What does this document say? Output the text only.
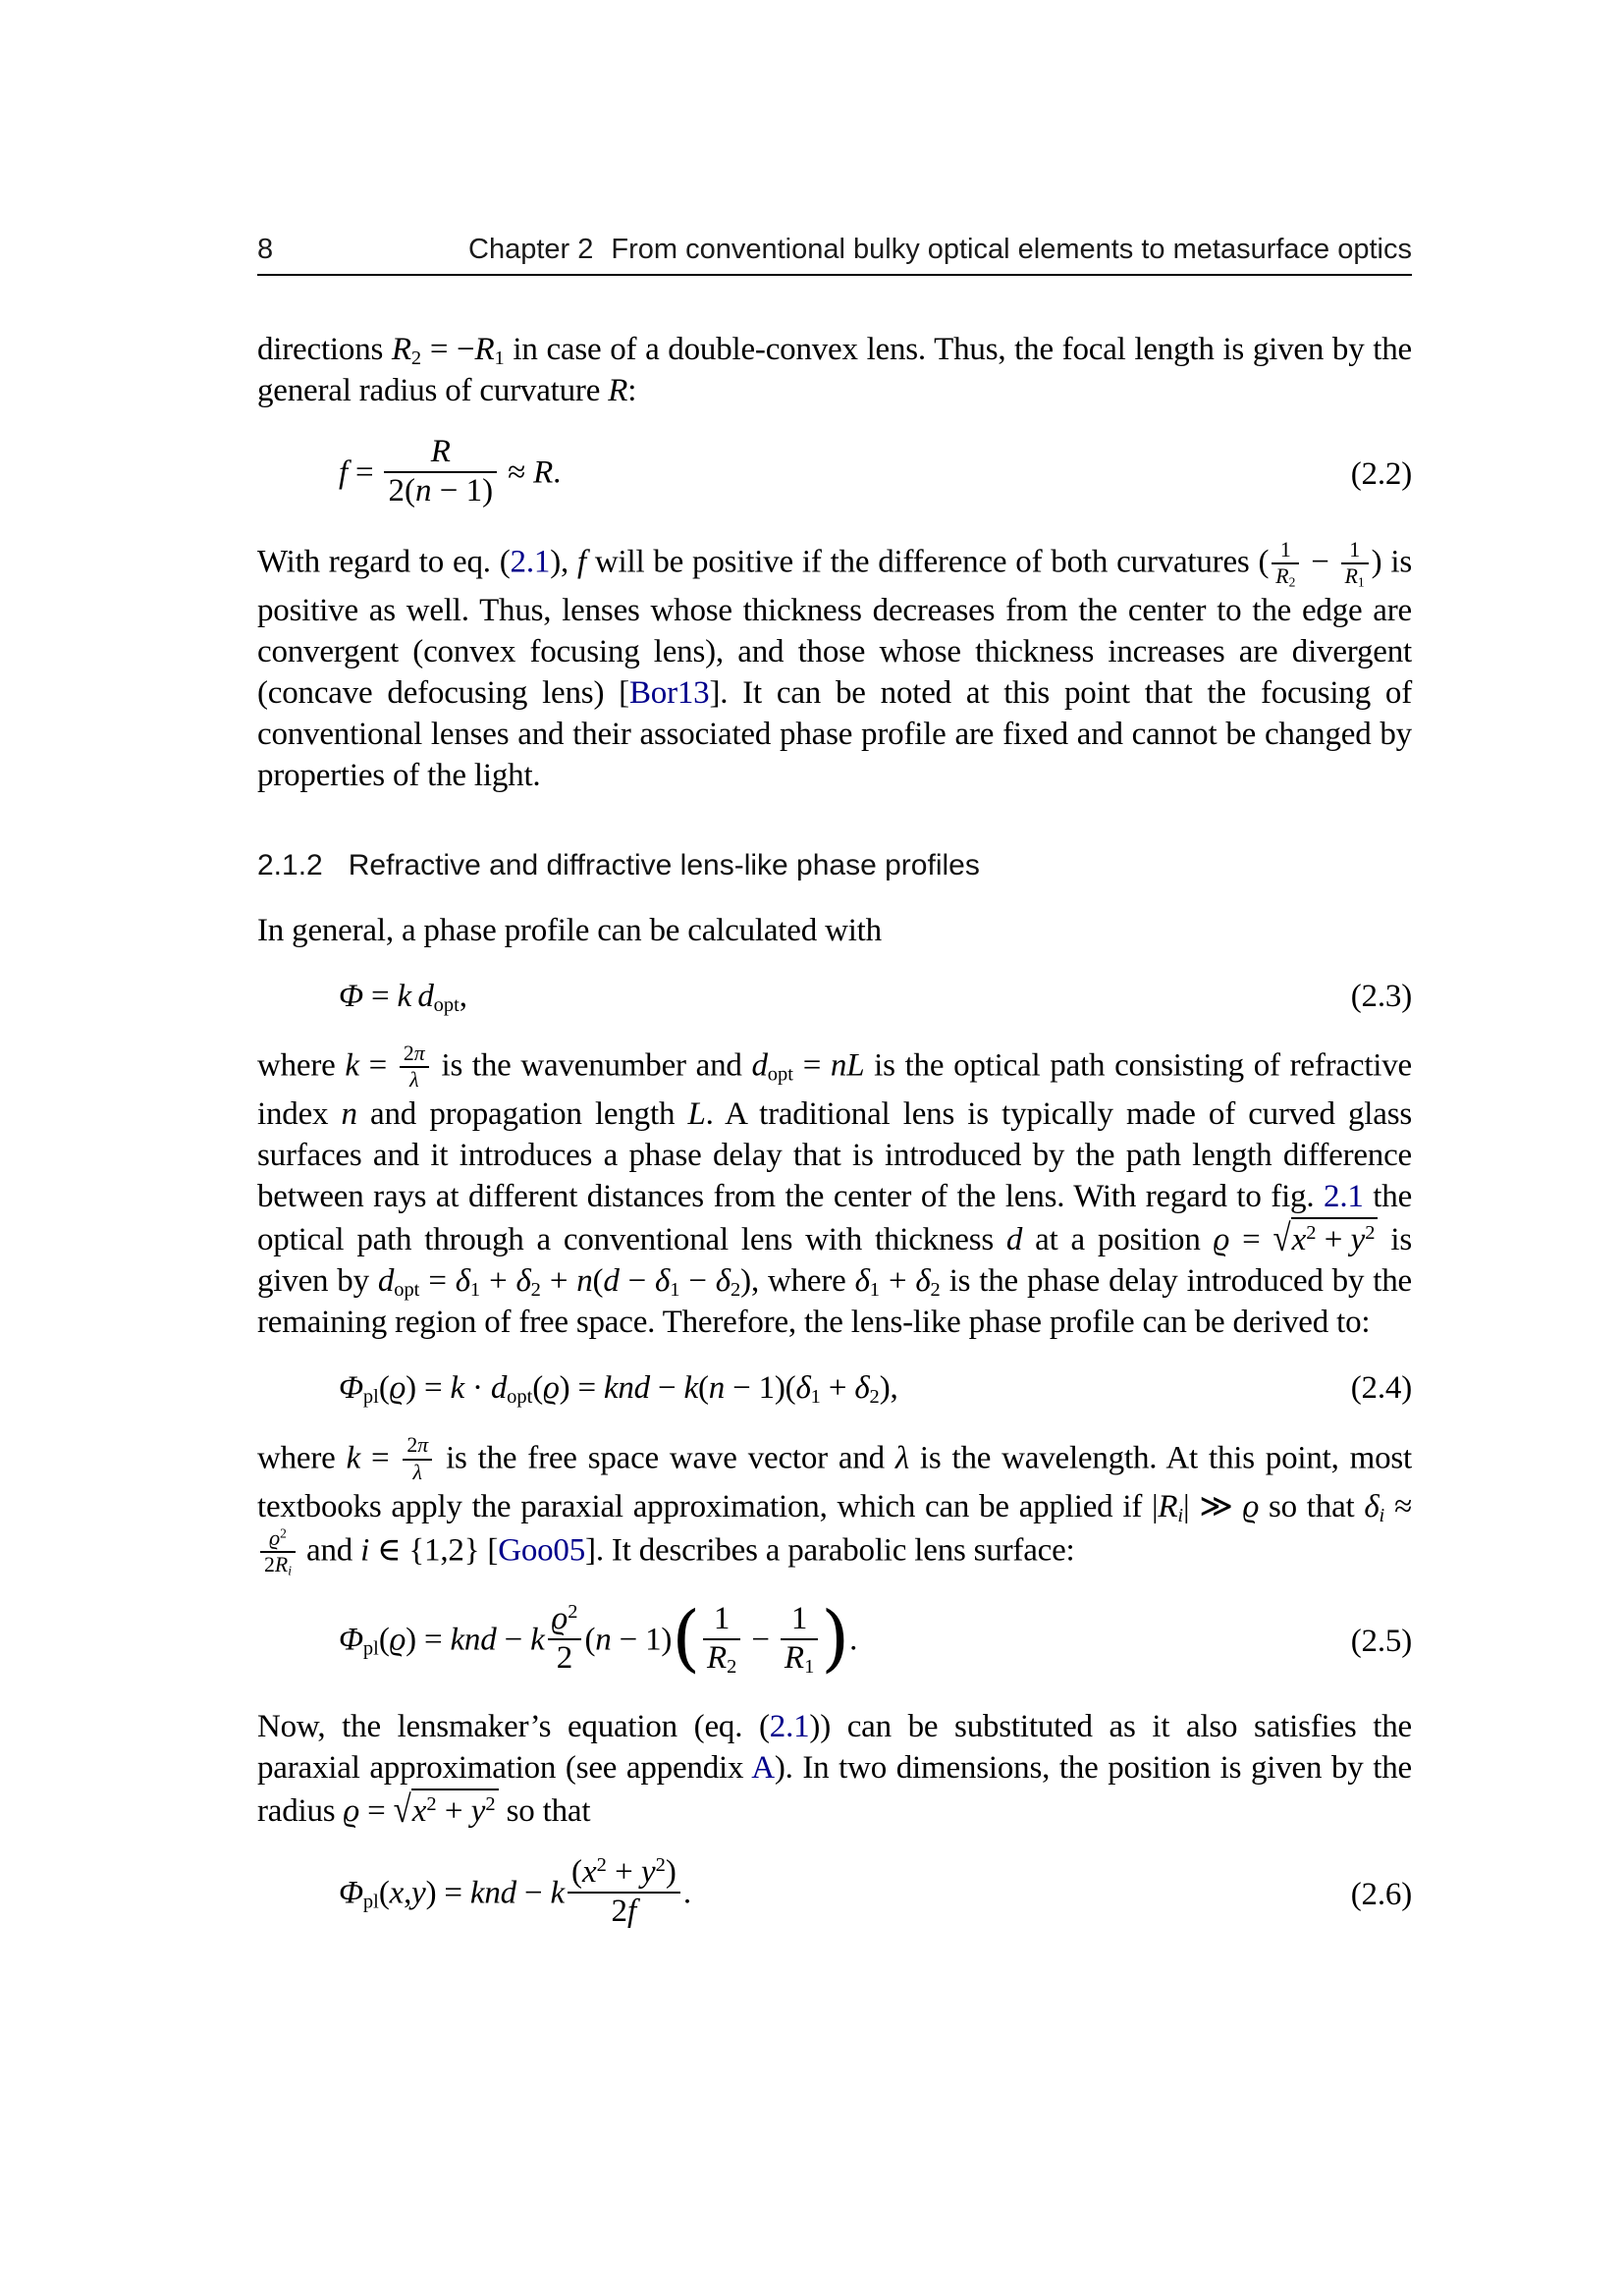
8	Chapter 2 From conventional bulky optical elements to metasurface optics
directions $R_2 = -R_1$ in case of a double-convex lens. Thus, the focal length is given by the general radius of curvature R:
$f = \frac{R}{2(n - 1)} \approx R$.	(2.2)
With regard to eq. (2.1), f will be positive if the difference of both curvatures ( $\frac{1}{R_2} - \frac{1}{R_1}$ ) is positive as well. Thus, lenses whose thickness decreases from the center to the edge are convergent (convex focusing lens), and those whose thickness increases are divergent (concave defocusing lens) [Bor13]. It can be noted at this point that the focusing of conventional lenses and their associated phase profile are fixed and cannot be changed by properties of the light.
2.1.2 Refractive and diffractive lens-like phase profiles
In general, a phase profile can be calculated with
Φ = k  $d_{opt}$,	(2.3)
where $k = \frac{2\pi}{\lambda}$ is the wavenumber and $d_{opt}$ = nL is the optical path consisting of refractive index n and propagation length L. A traditional lens is typically made of curved glass surfaces and it introduces a phase delay that is introduced by the path length difference between rays at different distances from the center of the lens. With regard to fig. 2.1 the optical path through a conventional lens with thickness d at a position $ϱ = √x^2 + y^2$ is given by $d_{opt} = \delta_1 + \delta_2 + n(d - \delta_1 - \delta_2)$, where $\delta_1 + \delta_2$ is the phase delay introduced by the remaining region of free space. Therefore, the lens-like phase profile can be derived to:
$\Phi_{pl}(ϱ) = k \cdot d_{opt}(ϱ)$ = knd − $k(n - 1)(\delta_1 + \delta_2)$,	(2.4)
where $k = \frac{2\pi}{\lambda}$ is the free space wave vector and λ is the wavelength. At this point, most textbooks apply the paraxial approximation, which can be applied if $|R_i|$ ≫ ϱ so that $\delta_i$ ≈
$\frac{ϱ^2}{2R_i}$ and i ∈ {1,2} [Goo05]. It describes a parabolic lens surface:
$\Phi_{pl}(ϱ)$ = knd − k $\frac{ϱ^2}{2} (n - 1)( \frac{1}{R_2} - \frac{1}{R_1}$ ).	(2.5)
Now, the lensmaker’s equation (eq. (2.1)) can be substituted as it also satisfies the paraxial approximation (see appendix A). In two dimensions, the position is given by the radius $ϱ = √x^2 + y^2$ so that
$\Phi_{pl}(x,y)$ = knd − k $\frac{(x^2 + y^2)}{2f}$ .	(2.6)
